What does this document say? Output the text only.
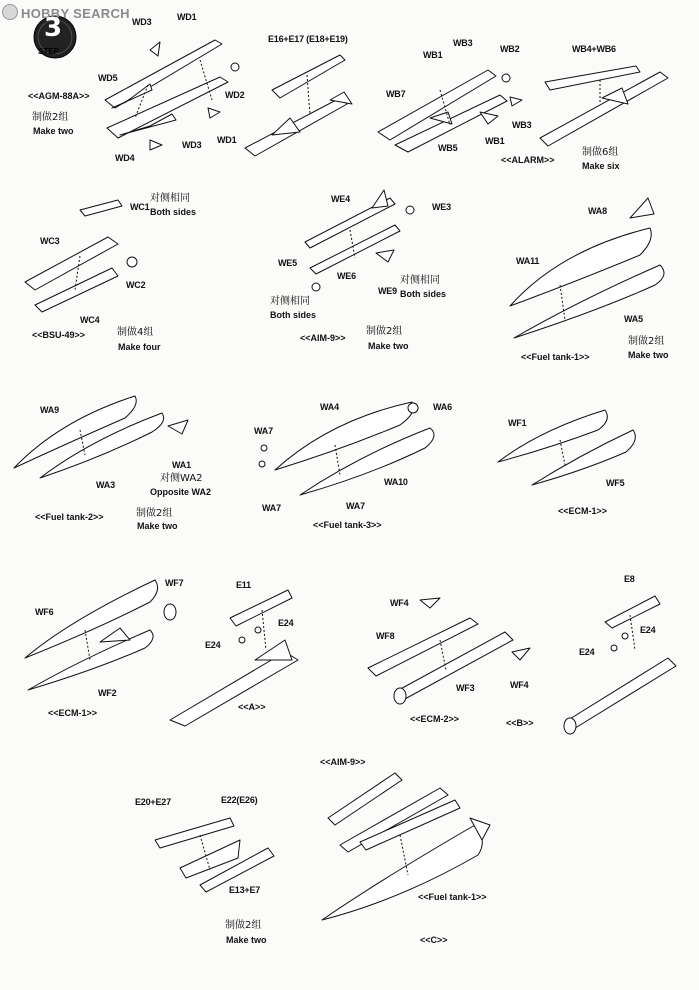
HOBBY SEARCH
3
STEP
WD3	WD1
WD5
WD2
WD1
WD3
WD4
<<AGM-88A>>
制做2组
Make two
E16+E17 (E18+E19)	WB3
WB2
WB1
WB7
WB3
WB5
WB1
WB4+WB6
<<ALARM>>
制做6组
Make six
WC1
对侧相同
Both sides
WC3
WC2
WC4
<<BSU-49>>	制做4组
Make four
WE4
WE3
WE5
WE6
WE9
对侧相同
Both sides
对侧相同
Both sides
<<AIM-9>>
制做2组
Make two
WA8
WA11
WA5
<<Fuel tank-1>>
制做2组
Make two
WA9
WA3
WA1
对侧WA2
Opposite WA2
<<Fuel tank-2>>	制做2组
Make two
WA4	WA6
WA7
WA10
WA7	WA7
<<Fuel tank-3>>
WF1
WF5
<<ECM-1>>
WF7
WF6
WF2
<<ECM-1>>
E11
E24
E24
<<A>>
WF4
WF8
WF3	WF4
<<ECM-2>>
E8
E24
E24
<<B>>
E20+E27	E22(E26)
E13+E7
制做2组
Make two
<<AIM-9>>
<<Fuel tank-1>>
<<C>>
